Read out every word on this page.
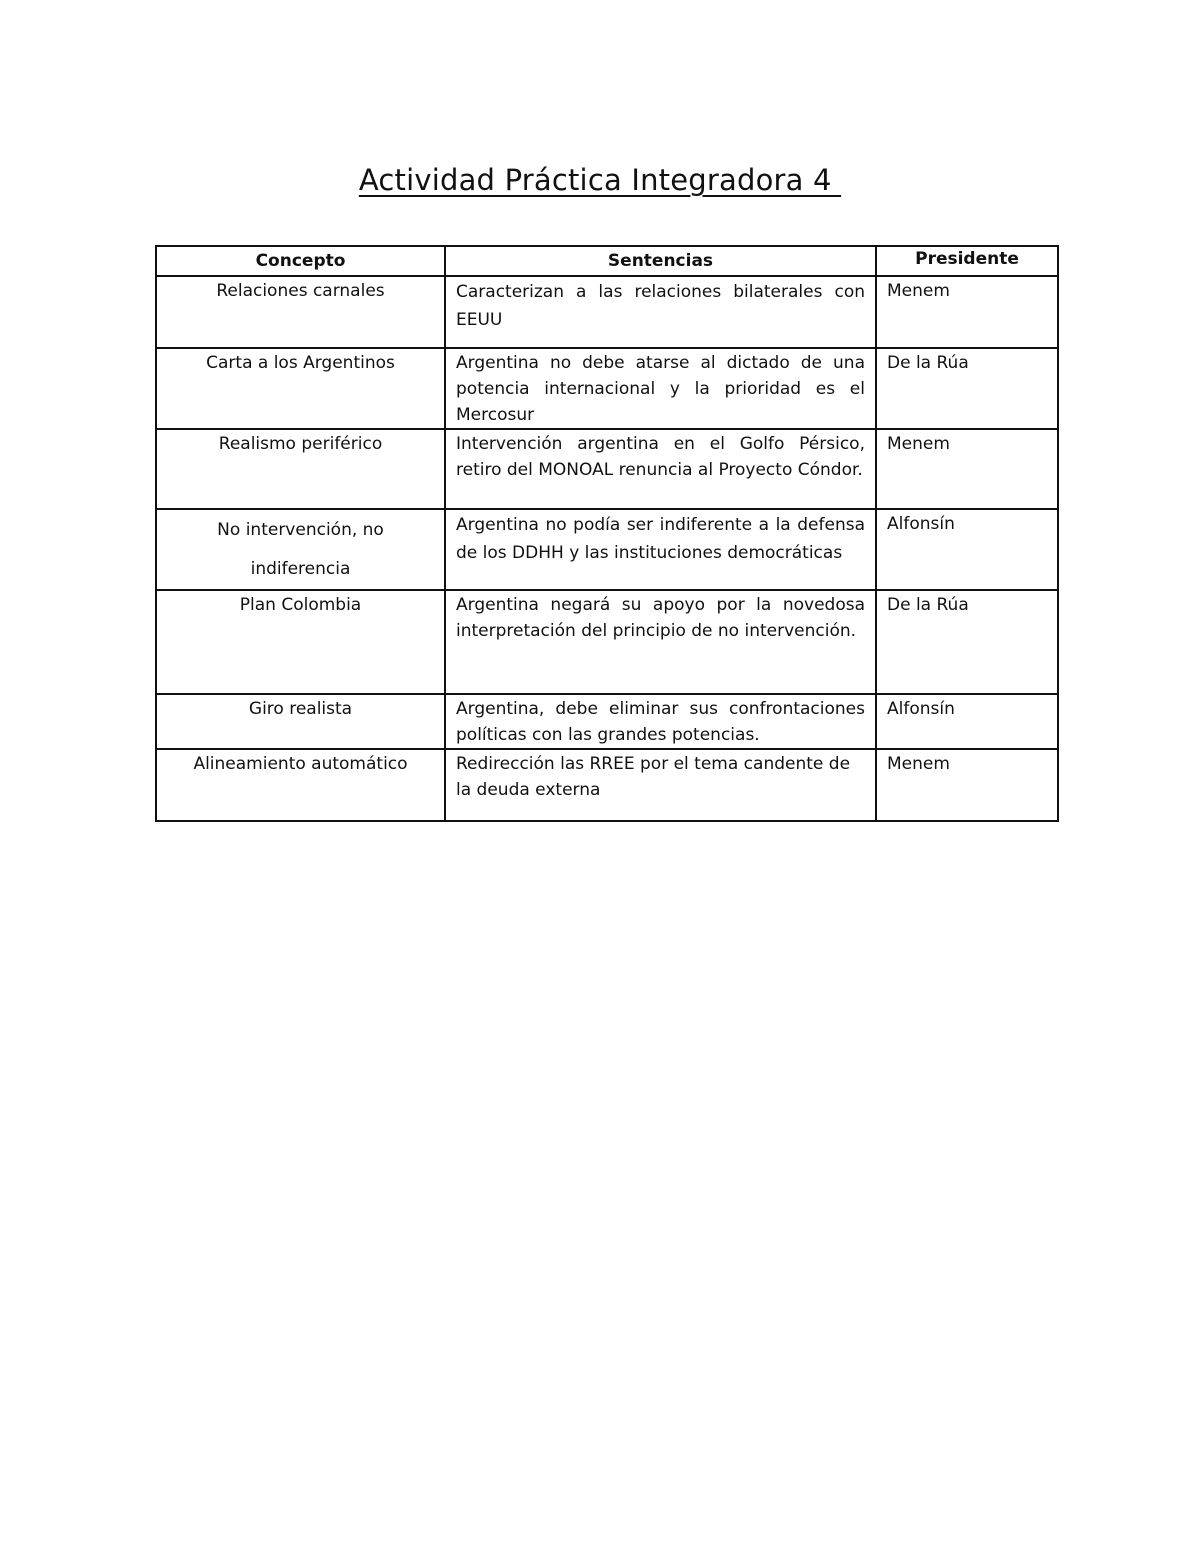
Actividad Práctica Integradora 4
Concepto	Sentencias	Presidente

Relaciones carnales	Caracterizan a las relaciones bilaterales con EEUU	Menem

Carta a los Argentinos	Argentina no debe atarse al dictado de una potencia internacional y la prioridad es el Mercosur	De la Rúa

Realismo periférico	Intervención argentina en el Golfo Pérsico, retiro del MONOAL renuncia al Proyecto Cóndor.	Menem

No intervención, no indiferencia	Argentina no podía ser indiferente a la defensa de los DDHH y las instituciones democráticas	Alfonsín

Plan Colombia	Argentina negará su apoyo por la novedosa interpretación del principio de no intervención.	De la Rúa

Giro realista	Argentina, debe eliminar sus confrontaciones políticas con las grandes potencias.	Alfonsín

Alineamiento automático	Redirección las RREE por el tema candente de la deuda externa	Menem
